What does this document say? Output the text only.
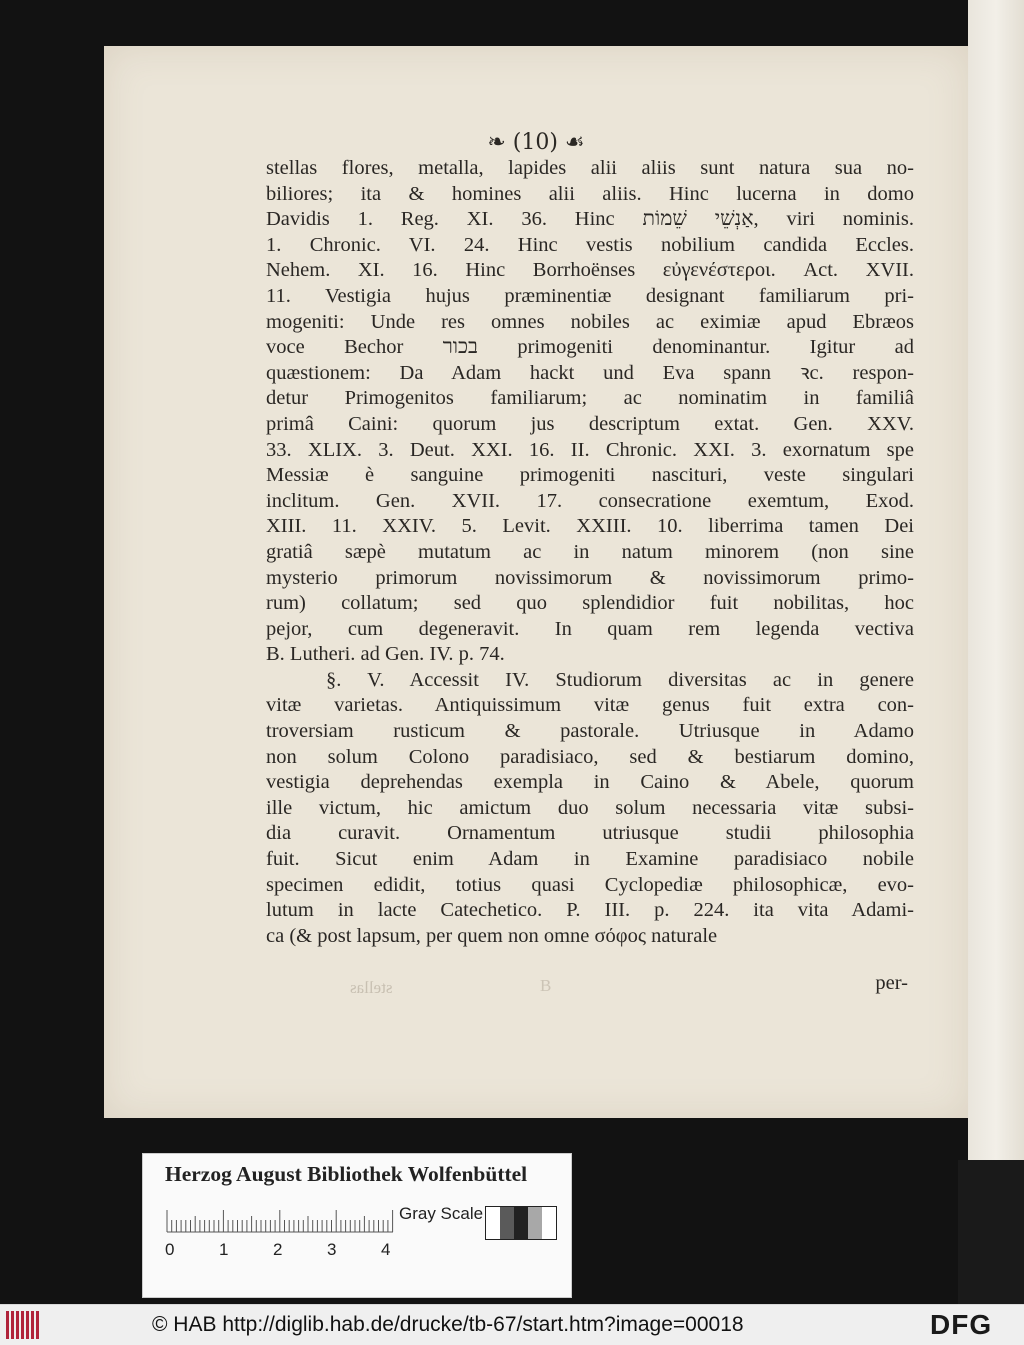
❧ (10) ☙
stellas flores, metalla, lapides alii aliis sunt natura sua no-
biliores; ita & homines alii aliis. Hinc lucerna in domo
Davidis 1. Reg. XI. 36. Hinc אַנְשֵׁי שֵׁמוֹת, viri nominis.
1. Chronic. VI. 24. Hinc vestis nobilium candida Eccles.
Nehem. XI. 16. Hinc Borrhoënses εὐγενέστεροι. Act. XVII.
11. Vestigia hujus præminentiæ designant familiarum pri-
mogeniti: Unde res omnes nobiles ac eximiæ apud Ebræos
voce Bechor בכור primogeniti denominantur. Igitur ad
quæstionem: Da Adam hackt und Eva spann ꝛc. respon-
detur Primogenitos familiarum; ac nominatim in familiâ
primâ Caini: quorum jus descriptum extat. Gen. XXV.
33. XLIX. 3. Deut. XXI. 16. II. Chronic. XXI. 3. exornatum spe
Messiæ è sanguine primogeniti nasciturі, veste singulari
inclitum. Gen. XVII. 17. consecratione exemtum, Exod.
XIII. 11. XXIV. 5. Levit. XXIII. 10. liberrima tamen Dei
gratiâ sæpè mutatum ac in natum minorem (non sine
mysterio primorum novissimorum & novissimorum primo-
rum) collatum; sed quo splendidior fuit nobilitas, hoc
pejor, cum degeneravit. In quam rem legenda vectiva
B. Lutheri. ad Gen. IV. p. 74.
§. V. Accessit IV. Studiorum diversitas ac in genere
vitæ varietas. Antiquissimum vitæ genus fuit extra con-
troversiam rusticum & pastorale. Utriusque in Adamo
non solum Colono paradisiaco, sed & bestiarum domino,
vestigia deprehendas exempla in Caino & Abele, quorum
ille victum, hic amictum duo solum necessaria vitæ subsi-
dia curavit. Ornamentum utriusque studii philosophia
fuit. Sicut enim Adam in Examine paradisiaco nobile
specimen edidit, totius quasi Cyclopediæ philosophicæ, evo-
lutum in lacte Catechetico. P. III. p. 224. ita vita Adami-
ca (& post lapsum, per quem non omne σόφος naturale
stellas	B	per-
Herzog August Bibliothek Wolfenbüttel
Gray Scale
0	1	2	3	4
© HAB http://diglib.hab.de/drucke/tb-67/start.htm?image=00018	DFG
